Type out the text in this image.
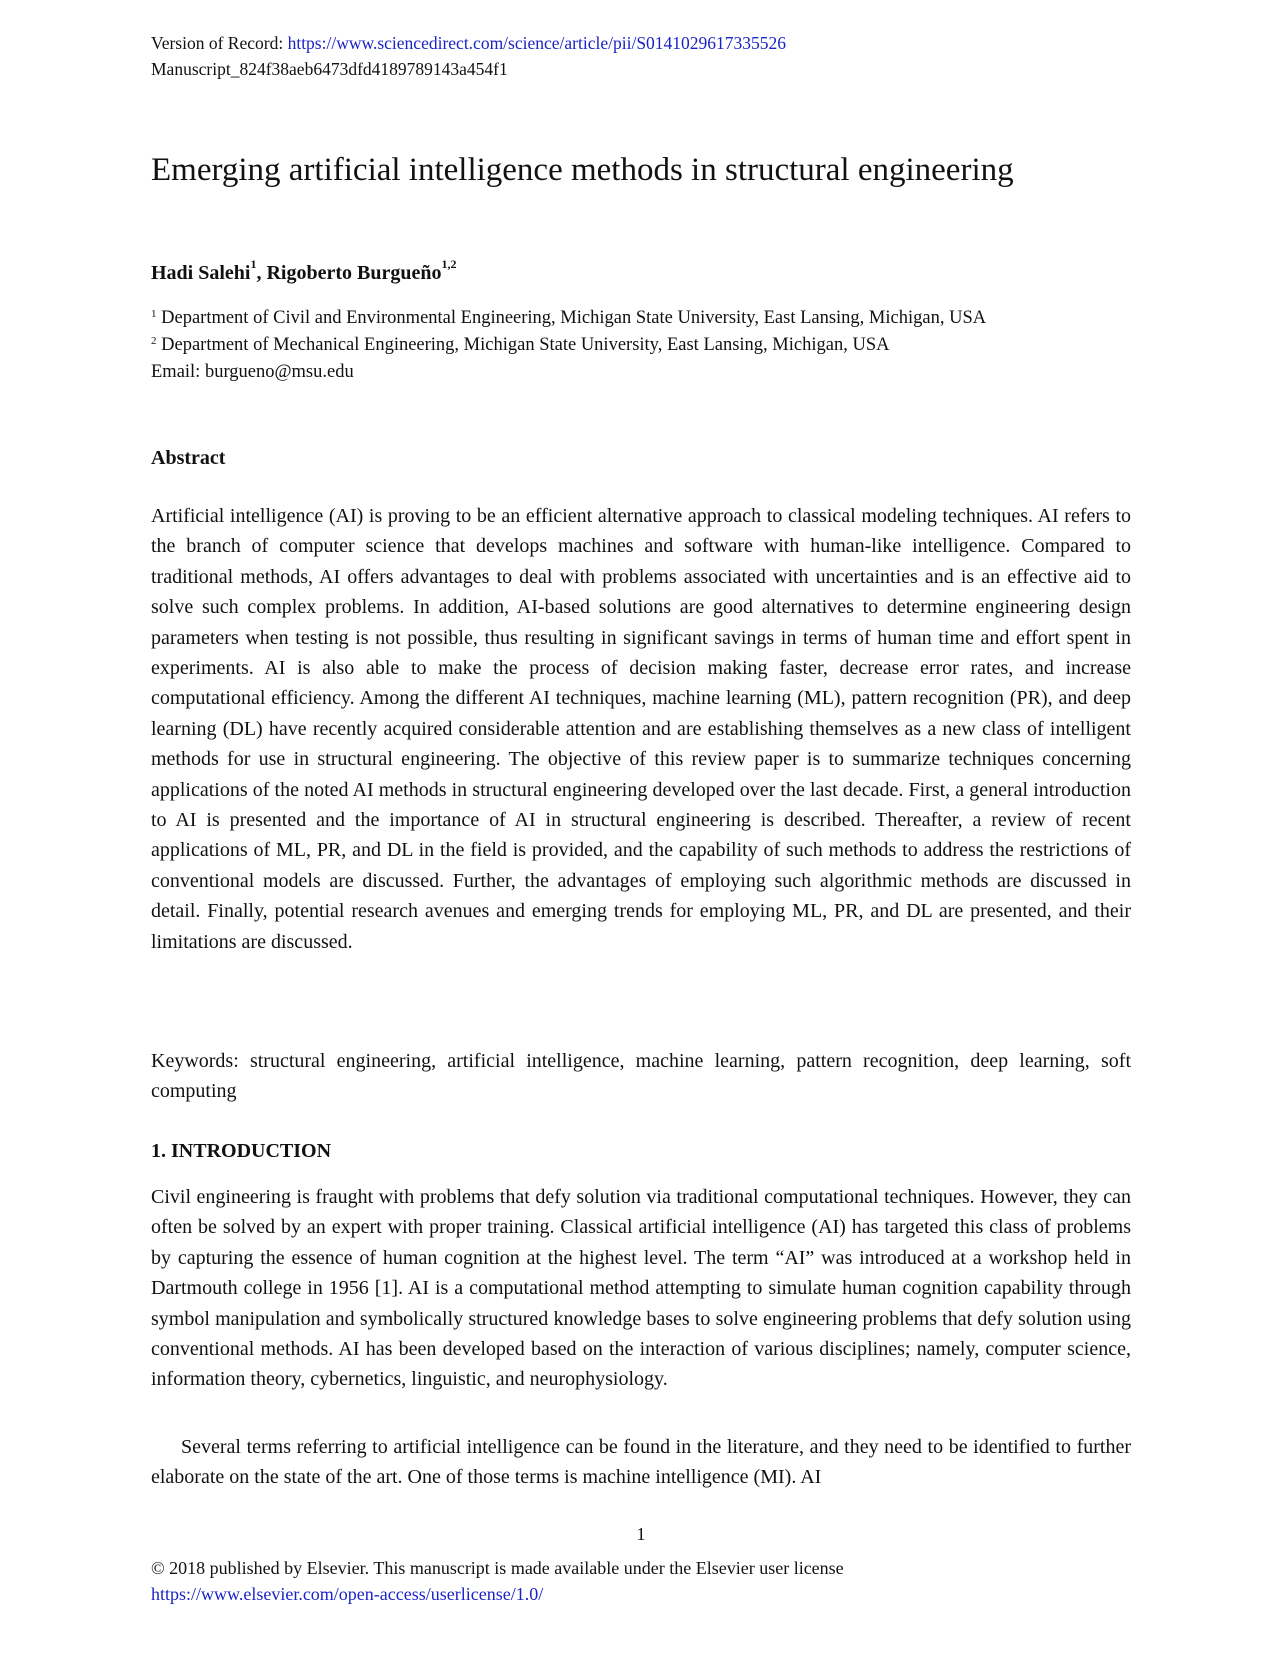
Version of Record: https://www.sciencedirect.com/science/article/pii/S0141029617335526
Manuscript_824f38aeb6473dfd4189789143a454f1
Emerging artificial intelligence methods in structural engineering
Hadi Salehi$^1$, Rigoberto Burgueño$^{1,2}$
$^1$ Department of Civil and Environmental Engineering, Michigan State University, East Lansing, Michigan, USA
$^2$ Department of Mechanical Engineering, Michigan State University, East Lansing, Michigan, USA
Email: burgueno@msu.edu
Abstract

Artificial intelligence (AI) is proving to be an efficient alternative approach to classical modeling techniques. AI refers to the branch of computer science that develops machines and software with human-like intelligence. Compared to traditional methods, AI offers advantages to deal with problems associated with uncertainties and is an effective aid to solve such complex problems. In addition, AI-based solutions are good alternatives to determine engineering design parameters when testing is not possible, thus resulting in significant savings in terms of human time and effort spent in experiments. AI is also able to make the process of decision making faster, decrease error rates, and increase computational efficiency. Among the different AI techniques, machine learning (ML), pattern recognition (PR), and deep learning (DL) have recently acquired considerable attention and are establishing themselves as a new class of intelligent methods for use in structural engineering. The objective of this review paper is to summarize techniques concerning applications of the noted AI methods in structural engineering developed over the last decade. First, a general introduction to AI is presented and the importance of AI in structural engineering is described. Thereafter, a review of recent applications of ML, PR, and DL in the field is provided, and the capability of such methods to address the restrictions of conventional models are discussed. Further, the advantages of employing such algorithmic methods are discussed in detail. Finally, potential research avenues and emerging trends for employing ML, PR, and DL are presented, and their limitations are discussed.

Keywords: structural engineering, artificial intelligence, machine learning, pattern recognition, deep learning, soft computing

1. INTRODUCTION

Civil engineering is fraught with problems that defy solution via traditional computational techniques. However, they can often be solved by an expert with proper training. Classical artificial intelligence (AI) has targeted this class of problems by capturing the essence of human cognition at the highest level. The term “AI” was introduced at a workshop held in Dartmouth college in 1956 [1]. AI is a computational method attempting to simulate human cognition capability through symbol manipulation and symbolically structured knowledge bases to solve engineering problems that defy solution using conventional methods. AI has been developed based on the interaction of various disciplines; namely, computer science, information theory, cybernetics, linguistic, and neurophysiology.

Several terms referring to artificial intelligence can be found in the literature, and they need to be identified to further elaborate on the state of the art. One of those terms is machine intelligence (MI). AI

1
© 2018 published by Elsevier. This manuscript is made available under the Elsevier user license
https://www.elsevier.com/open-access/userlicense/1.0/
